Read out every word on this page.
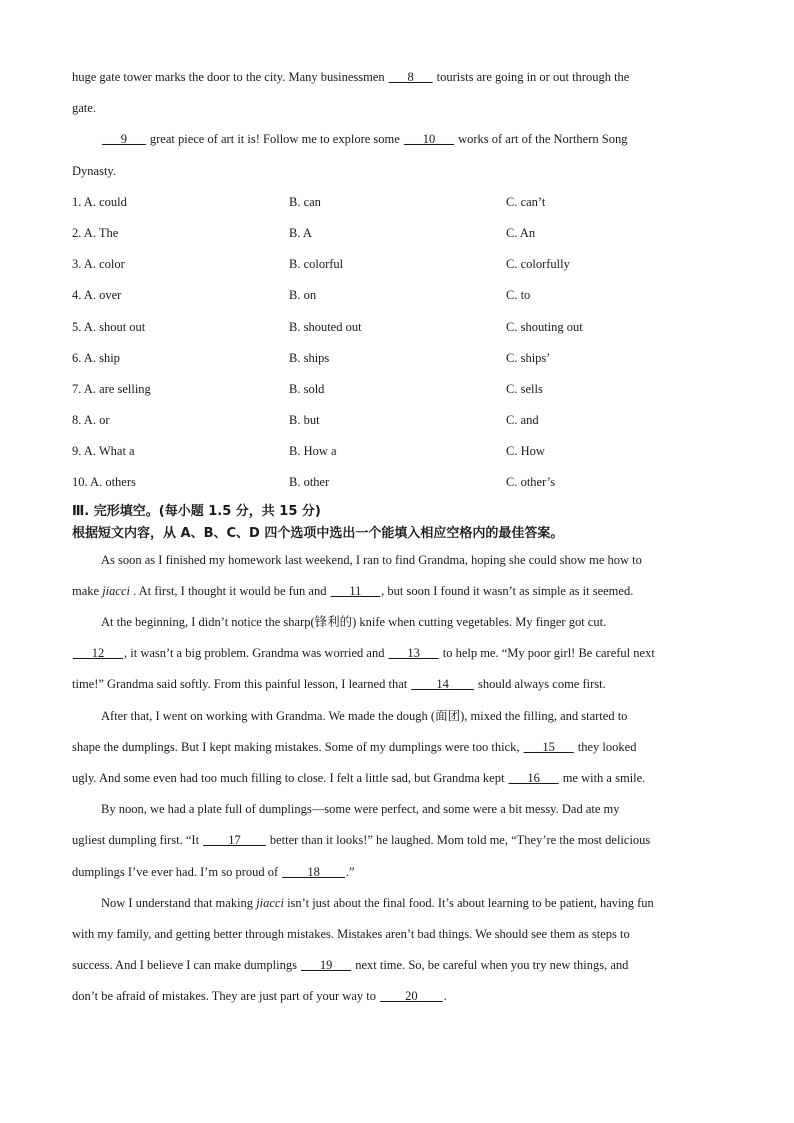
huge gate tower marks the door to the city. Many businessmen ___8___ tourists are going in or out through the
gate.
___9___ great piece of art it is! Follow me to explore some ___10___ works of art of the Northern Song
Dynasty.
1. A. could	B. can	C. can’t
2. A. The	B. A	C. An
3. A. color	B. colorful	C. colorfully
4. A. over	B. on	C. to
5. A. shout out	B. shouted out	C. shouting out
6. A. ship	B. ships	C. ships’
7. A. are selling	B. sold	C. sells
8. A. or	B. but	C. and
9. A. What a	B. How a	C. How
10. A. others	B. other	C. other’s
Ⅲ. 完形填空。(每小题 1.5 分，共 15 分)
根据短文内容，从 A、B、C、D 四个选项中选出一个能填入相应空格内的最佳答案。
As soon as I finished my homework last weekend, I ran to find Grandma, hoping she could show me how to
make jiacci . At first, I thought it would be fun and ___11___, but soon I found it wasn’t as simple as it seemed.
At the beginning, I didn’t notice the sharp(锋利的) knife when cutting vegetables. My finger got cut.
___12___, it wasn’t a big problem. Grandma was worried and ___13___ to help me. “My poor girl! Be careful next
time!” Grandma said softly. From this painful lesson, I learned that ____14____ should always come first.
After that, I went on working with Grandma. We made the dough (面团), mixed the filling, and started to
shape the dumplings. But I kept making mistakes. Some of my dumplings were too thick, ___15___ they looked
ugly. And some even had too much filling to close. I felt a little sad, but Grandma kept ___16___ me with a smile.
By noon, we had a plate full of dumplings—some were perfect, and some were a bit messy. Dad ate my
ugliest dumpling first. “It ____17____ better than it looks!” he laughed. Mom told me, “They’re the most delicious
dumplings I’ve ever had. I’m so proud of ____18____.”
Now I understand that making jiacci isn’t just about the final food. It’s about learning to be patient, having fun
with my family, and getting better through mistakes. Mistakes aren’t bad things. We should see them as steps to
success. And I believe I can make dumplings ___19___ next time. So, be careful when you try new things, and
don’t be afraid of mistakes. They are just part of your way to ____20____.
